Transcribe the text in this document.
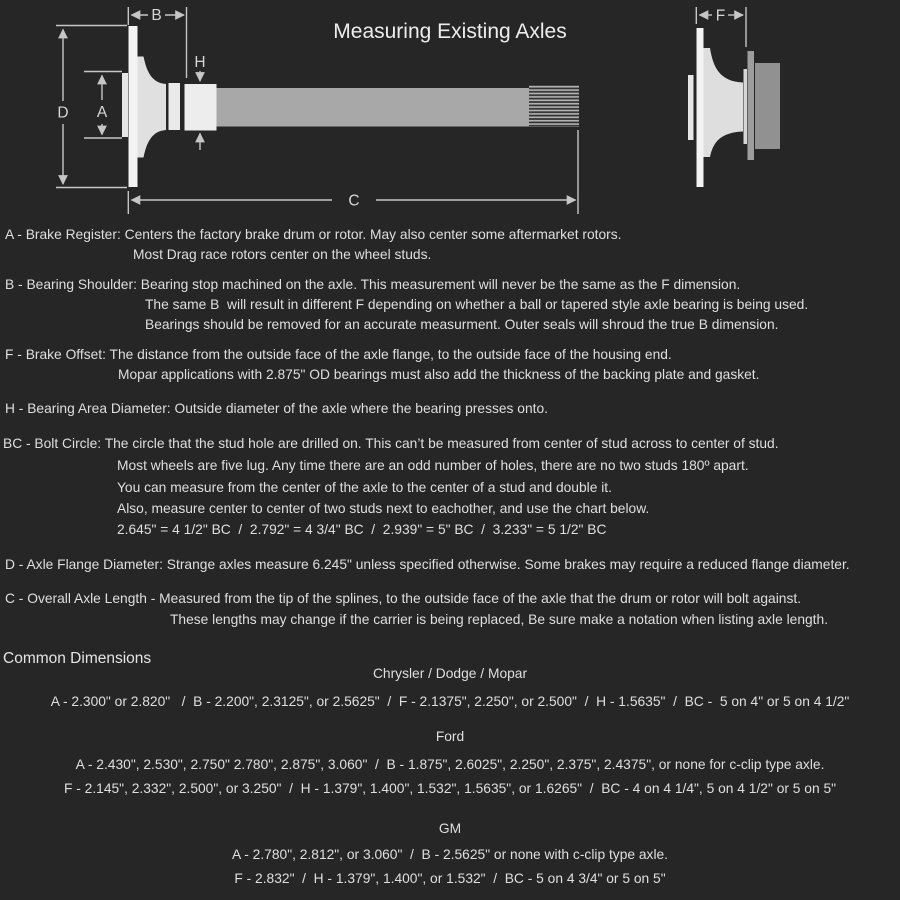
B
H
D A
C
F
Measuring Existing Axles
A - Brake Register: Centers the factory brake drum or rotor. May also center some aftermarket rotors.
Most Drag race rotors center on the wheel studs.
B - Bearing Shoulder: Bearing stop machined on the axle. This measurement will never be the same as the F dimension.
The same B  will result in different F depending on whether a ball or tapered style axle bearing is being used.
Bearings should be removed for an accurate measurment. Outer seals will shroud the true B dimension.
F - Brake Offset: The distance from the outside face of the axle flange, to the outside face of the housing end.
Mopar applications with 2.875" OD bearings must also add the thickness of the backing plate and gasket.
H - Bearing Area Diameter: Outside diameter of the axle where the bearing presses onto.
BC - Bolt Circle: The circle that the stud hole are drilled on. This can’t be measured from center of stud across to center of stud.
Most wheels are five lug. Any time there are an odd number of holes, there are no two studs 180º apart.
You can measure from the center of the axle to the center of a stud and double it.
Also, measure center to center of two studs next to eachother, and use the chart below.
2.645" = 4 1/2" BC  /  2.792" = 4 3/4" BC  /  2.939" = 5" BC  /  3.233" = 5 1/2" BC
D - Axle Flange Diameter: Strange axles measure 6.245" unless specified otherwise. Some brakes may require a reduced flange diameter.
C - Overall Axle Length - Measured from the tip of the splines, to the outside face of the axle that the drum or rotor will bolt against.
These lengths may change if the carrier is being replaced, Be sure make a notation when listing axle length.
Common Dimensions
Chrysler / Dodge / Mopar
A - 2.300" or 2.820"   /  B - 2.200", 2.3125", or 2.5625"  /  F - 2.1375", 2.250", or 2.500"  /  H - 1.5635"  /  BC -  5 on 4" or 5 on 4 1/2"
Ford
A - 2.430", 2.530", 2.750" 2.780", 2.875", 3.060"  /  B - 1.875", 2.6025", 2.250", 2.375", 2.4375", or none for c-clip type axle.
F - 2.145", 2.332", 2.500", or 3.250"  /  H - 1.379", 1.400", 1.532", 1.5635", or 1.6265"  /  BC - 4 on 4 1/4", 5 on 4 1/2" or 5 on 5"
GM
A - 2.780", 2.812", or 3.060"  /  B - 2.5625" or none with c-clip type axle.
F - 2.832"  /  H - 1.379", 1.400", or 1.532"  /  BC - 5 on 4 3/4" or 5 on 5"
